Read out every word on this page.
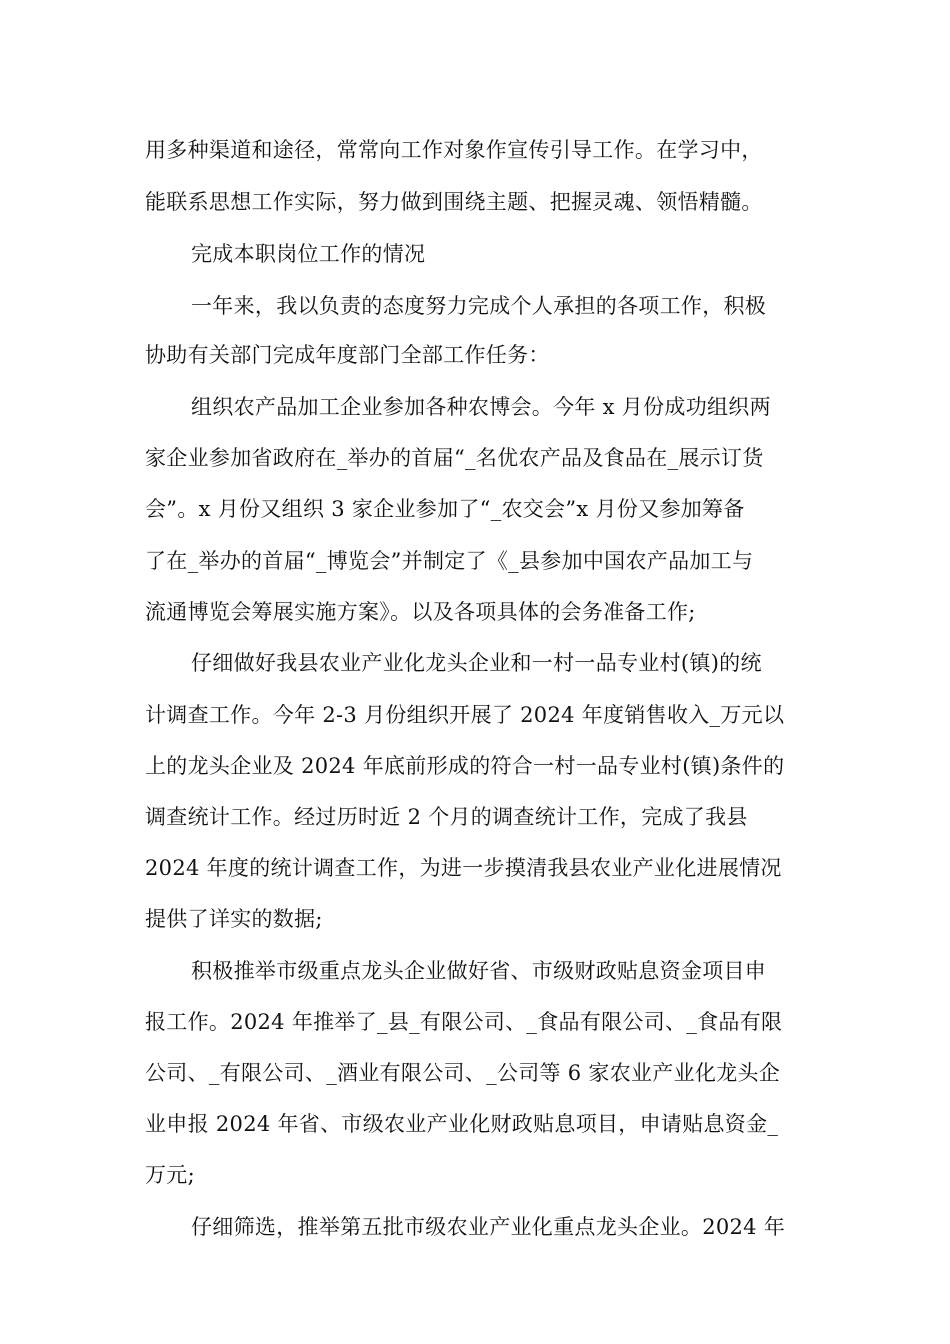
用多种渠道和途径，常常向工作对象作宣传引导工作。在学习中，
能联系思想工作实际，努力做到围绕主题、把握灵魂、领悟精髓。
完成本职岗位工作的情况
一年来，我以负责的态度努力完成个人承担的各项工作，积极
协助有关部门完成年度部门全部工作任务：
组织农产品加工企业参加各种农博会。今年 x 月份成功组织两
家企业参加省政府在_举办的首届“_名优农产品及食品在_展示订货
会”。x 月份又组织 3 家企业参加了“_农交会”x 月份又参加筹备
了在_举办的首届“_博览会”并制定了《_县参加中国农产品加工与
流通博览会筹展实施方案》。以及各项具体的会务准备工作;
仔细做好我县农业产业化龙头企业和一村一品专业村(镇)的统
计调查工作。今年 2-3 月份组织开展了 2024 年度销售收入_万元以
上的龙头企业及 2024 年底前形成的符合一村一品专业村(镇)条件的
调查统计工作。经过历时近 2 个月的调查统计工作，完成了我县
2024 年度的统计调查工作，为进一步摸清我县农业产业化进展情况
提供了详实的数据;
积极推举市级重点龙头企业做好省、市级财政贴息资金项目申
报工作。2024 年推举了_县_有限公司、_食品有限公司、_食品有限
公司、_有限公司、_酒业有限公司、_公司等 6 家农业产业化龙头企
业申报 2024 年省、市级农业产业化财政贴息项目，申请贴息资金_
万元;
仔细筛选，推举第五批市级农业产业化重点龙头企业。2024 年
